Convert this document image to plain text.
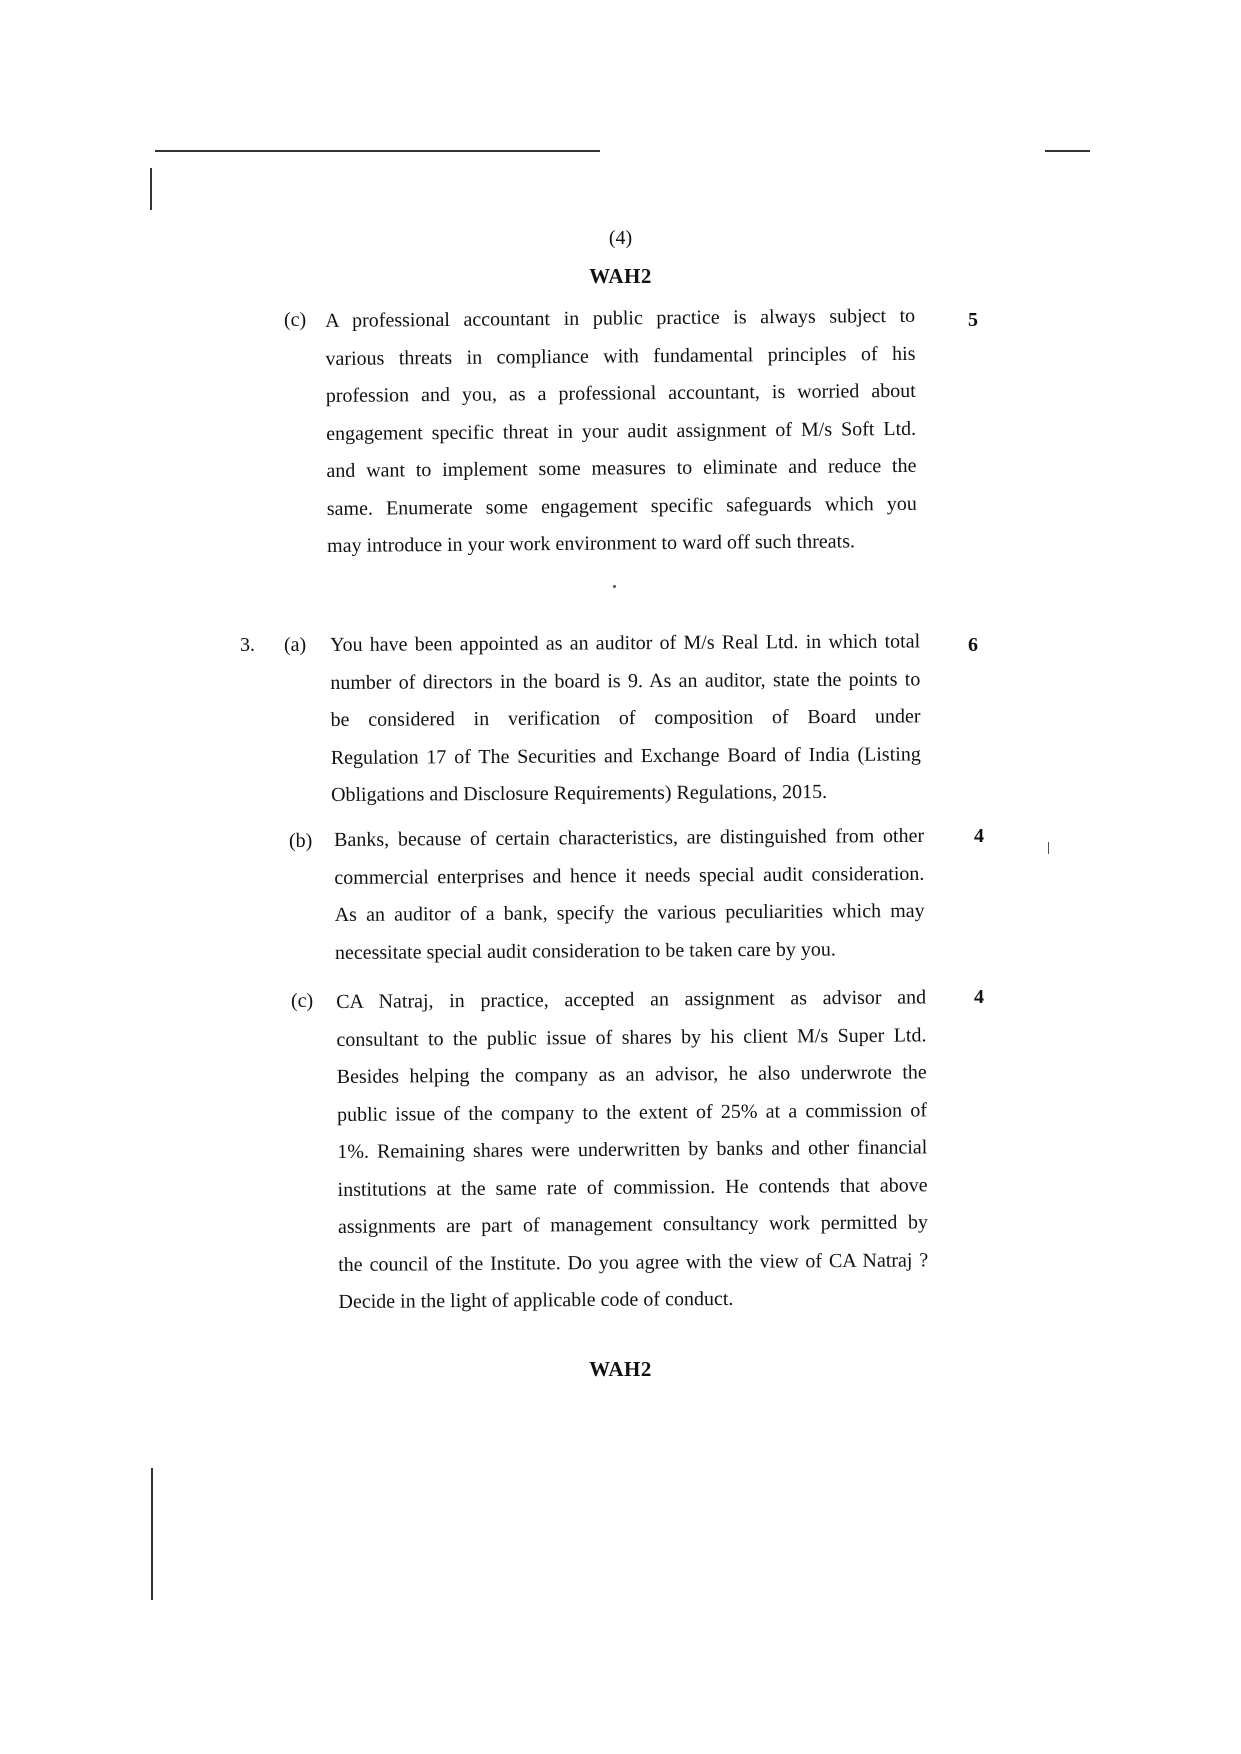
(4)
WAH2
(c) A professional accountant in public practice is always subject to
various threats in compliance with fundamental principles of his
profession and you, as a professional accountant, is worried about
engagement specific threat in your audit assignment of M/s Soft Ltd.
and want to implement some measures to eliminate and reduce the
same. Enumerate some engagement specific safeguards which you
may introduce in your work environment to ward off such threats.
5
3. (a) You have been appointed as an auditor of M/s Real Ltd. in which total
number of directors in the board is 9. As an auditor, state the points to
be considered in verification of composition of Board under
Regulation 17 of The Securities and Exchange Board of India (Listing
Obligations and Disclosure Requirements) Regulations, 2015.
6
(b) Banks, because of certain characteristics, are distinguished from other
commercial enterprises and hence it needs special audit consideration.
As an auditor of a bank, specify the various peculiarities which may
necessitate special audit consideration to be taken care by you.
4
(c) CA Natraj, in practice, accepted an assignment as advisor and
consultant to the public issue of shares by his client M/s Super Ltd.
Besides helping the company as an advisor, he also underwrote the
public issue of the company to the extent of 25% at a commission of
1%. Remaining shares were underwritten by banks and other financial
institutions at the same rate of commission. He contends that above
assignments are part of management consultancy work permitted by
the council of the Institute. Do you agree with the view of CA Natraj ?
Decide in the light of applicable code of conduct.
4
WAH2
